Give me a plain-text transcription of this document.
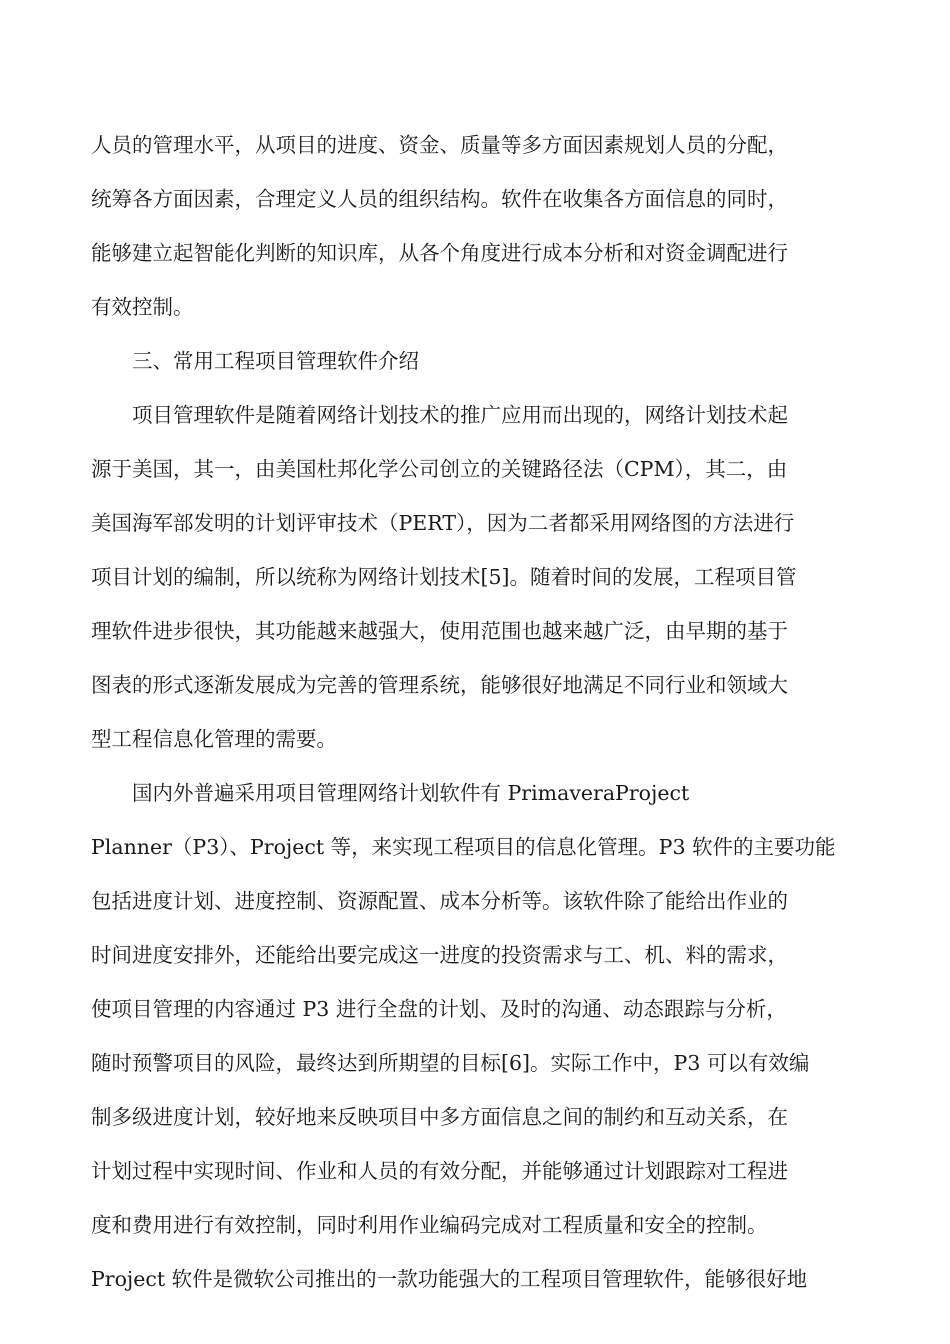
人员的管理水平，从项目的进度、资金、质量等多方面因素规划人员的分配，
统筹各方面因素，合理定义人员的组织结构。软件在收集各方面信息的同时，
能够建立起智能化判断的知识库，从各个角度进行成本分析和对资金调配进行
有效控制。
三、常用工程项目管理软件介绍
项目管理软件是随着网络计划技术的推广应用而出现的，网络计划技术起
源于美国，其一，由美国杜邦化学公司创立的关键路径法（CPM），其二，由
美国海军部发明的计划评审技术（PERT），因为二者都采用网络图的方法进行
项目计划的编制，所以统称为网络计划技术[5]。随着时间的发展，工程项目管
理软件进步很快，其功能越来越强大，使用范围也越来越广泛，由早期的基于
图表的形式逐渐发展成为完善的管理系统，能够很好地满足不同行业和领域大
型工程信息化管理的需要。
国内外普遍采用项目管理网络计划软件有 PrimaveraProject
Planner（P3）、Project 等，来实现工程项目的信息化管理。P3 软件的主要功能
包括进度计划、进度控制、资源配置、成本分析等。该软件除了能给出作业的
时间进度安排外，还能给出要完成这一进度的投资需求与工、机、料的需求，
使项目管理的内容通过 P3 进行全盘的计划、及时的沟通、动态跟踪与分析，
随时预警项目的风险，最终达到所期望的目标[6]。实际工作中，P3 可以有效编
制多级进度计划，较好地来反映项目中多方面信息之间的制约和互动关系，在
计划过程中实现时间、作业和人员的有效分配，并能够通过计划跟踪对工程进
度和费用进行有效控制，同时利用作业编码完成对工程质量和安全的控制。
Project 软件是微软公司推出的一款功能强大的工程项目管理软件，能够很好地
